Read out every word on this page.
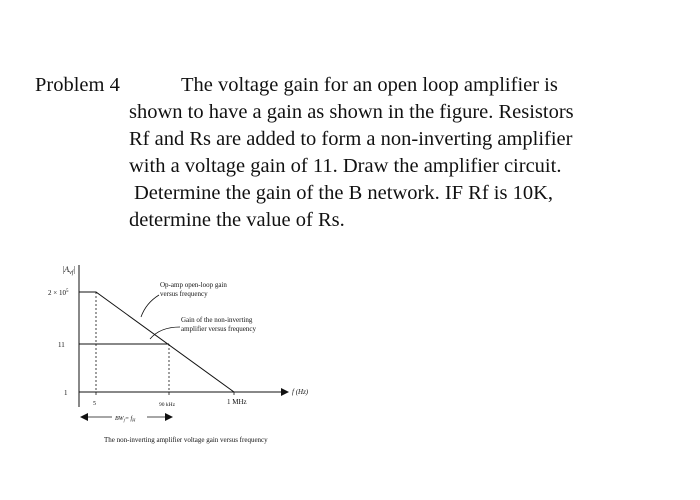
Problem 4	The voltage gain for an open loop amplifier is
shown to have a gain as shown in the figure. Resistors
Rf and Rs are added to form a non-inverting amplifier
with a voltage gain of 11. Draw the amplifier circuit.
Determine the gain of the B network. IF Rf is 10K,
determine the value of Rs.
$|A_{vf}|$
$2 \times 10^5$
11
1
5	90 kHz	1 MHz
f (Hz)
Op-amp open-loop gain
versus frequency
Gain of the non-inverting
amplifier versus frequency
$BW_f= f_H$
The non-inverting amplifier voltage gain versus frequency
